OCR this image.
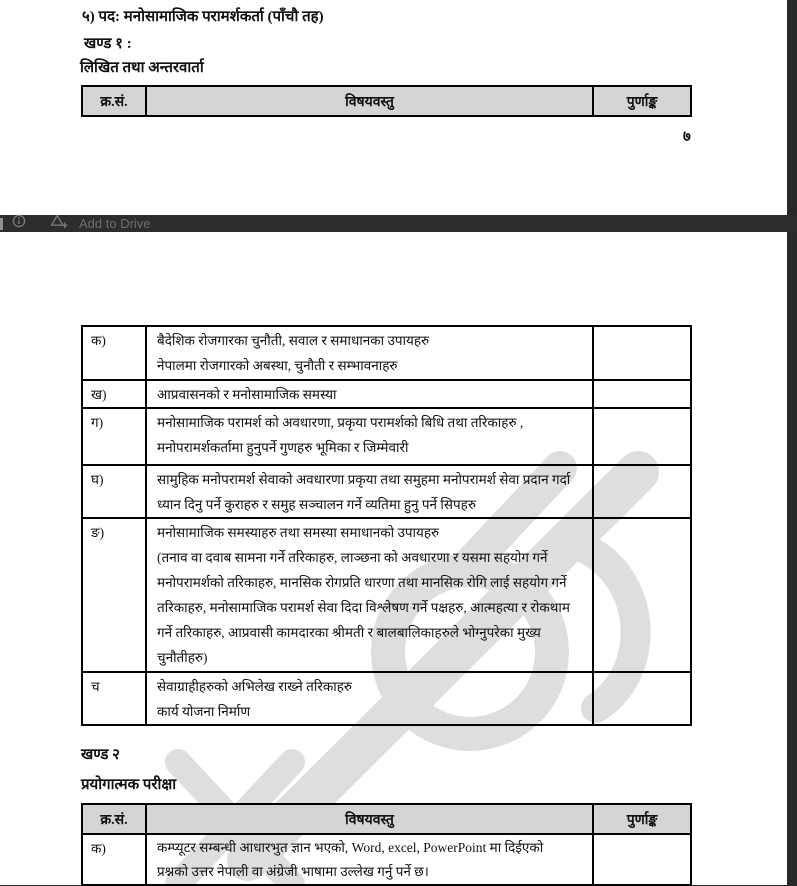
५) पद: मनोसामाजिक परामर्शकर्ता (पाँचौ तह)
खण्ड १ :
लिखित तथा अन्तरवार्ता
क्र.सं.	विषयवस्तु	पुर्णाङ्क
७
Add to Drive
क)	बैदेशिक रोजगारका चुनौती, सवाल र समाधानका उपायहरु
नेपालमा रोजगारको अबस्था, चुनौती र सम्भावनाहरु	

ख)	आप्रवासनको र मनोसामाजिक समस्या	

ग)	मनोसामाजिक परामर्श को अवधारणा, प्रकृया परामर्शको बिधि तथा तरिकाहरु ,
मनोपरामर्शकर्तामा हुनुपर्ने गुणहरु भूमिका र जिम्मेवारी	

घ)	सामुहिक मनोपरामर्श सेवाको अवधारणा प्रकृया तथा समुहमा मनोपरामर्श सेवा प्रदान गर्दा
ध्यान दिनु पर्ने कुराहरु र समुह सञ्चालन गर्ने व्यतिमा हुनु पर्ने सिपहरु	

ङ)	मनोसामाजिक समस्याहरु तथा समस्या समाधानको उपायहरु
(तनाव वा दवाब सामना गर्ने तरिकाहरु, लाञ्छना को अवधारणा र यसमा सहयोग गर्ने
मनोपरामर्शको तरिकाहरु, मानसिक रोगप्रति धारणा तथा मानसिक रोगि लाई सहयोग गर्ने
तरिकाहरु, मनोसामाजिक परामर्श सेवा दिदा विश्लेषण गर्ने पक्षहरु, आत्महत्या र रोकथाम
गर्ने तरिकाहरु, आप्रवासी कामदारका श्रीमती र बालबालिकाहरुले भोग्नुपरेका मुख्य
चुनौतीहरु)

च	सेवाग्राहीहरुको अभिलेख राख्ने तरिकाहरु
कार्य योजना निर्माण	

खण्ड २
प्रयोगात्मक परीक्षा
क्र.सं.	विषयवस्तु	पुर्णाङ्क
क)	कम्प्यूटर सम्बन्धी आधारभुत ज्ञान भएको, Word, excel, PowerPoint मा दिईएको
प्रश्नको उत्तर नेपाली वा अंग्रेजी भाषामा उल्लेख गर्नु पर्ने छ।	
